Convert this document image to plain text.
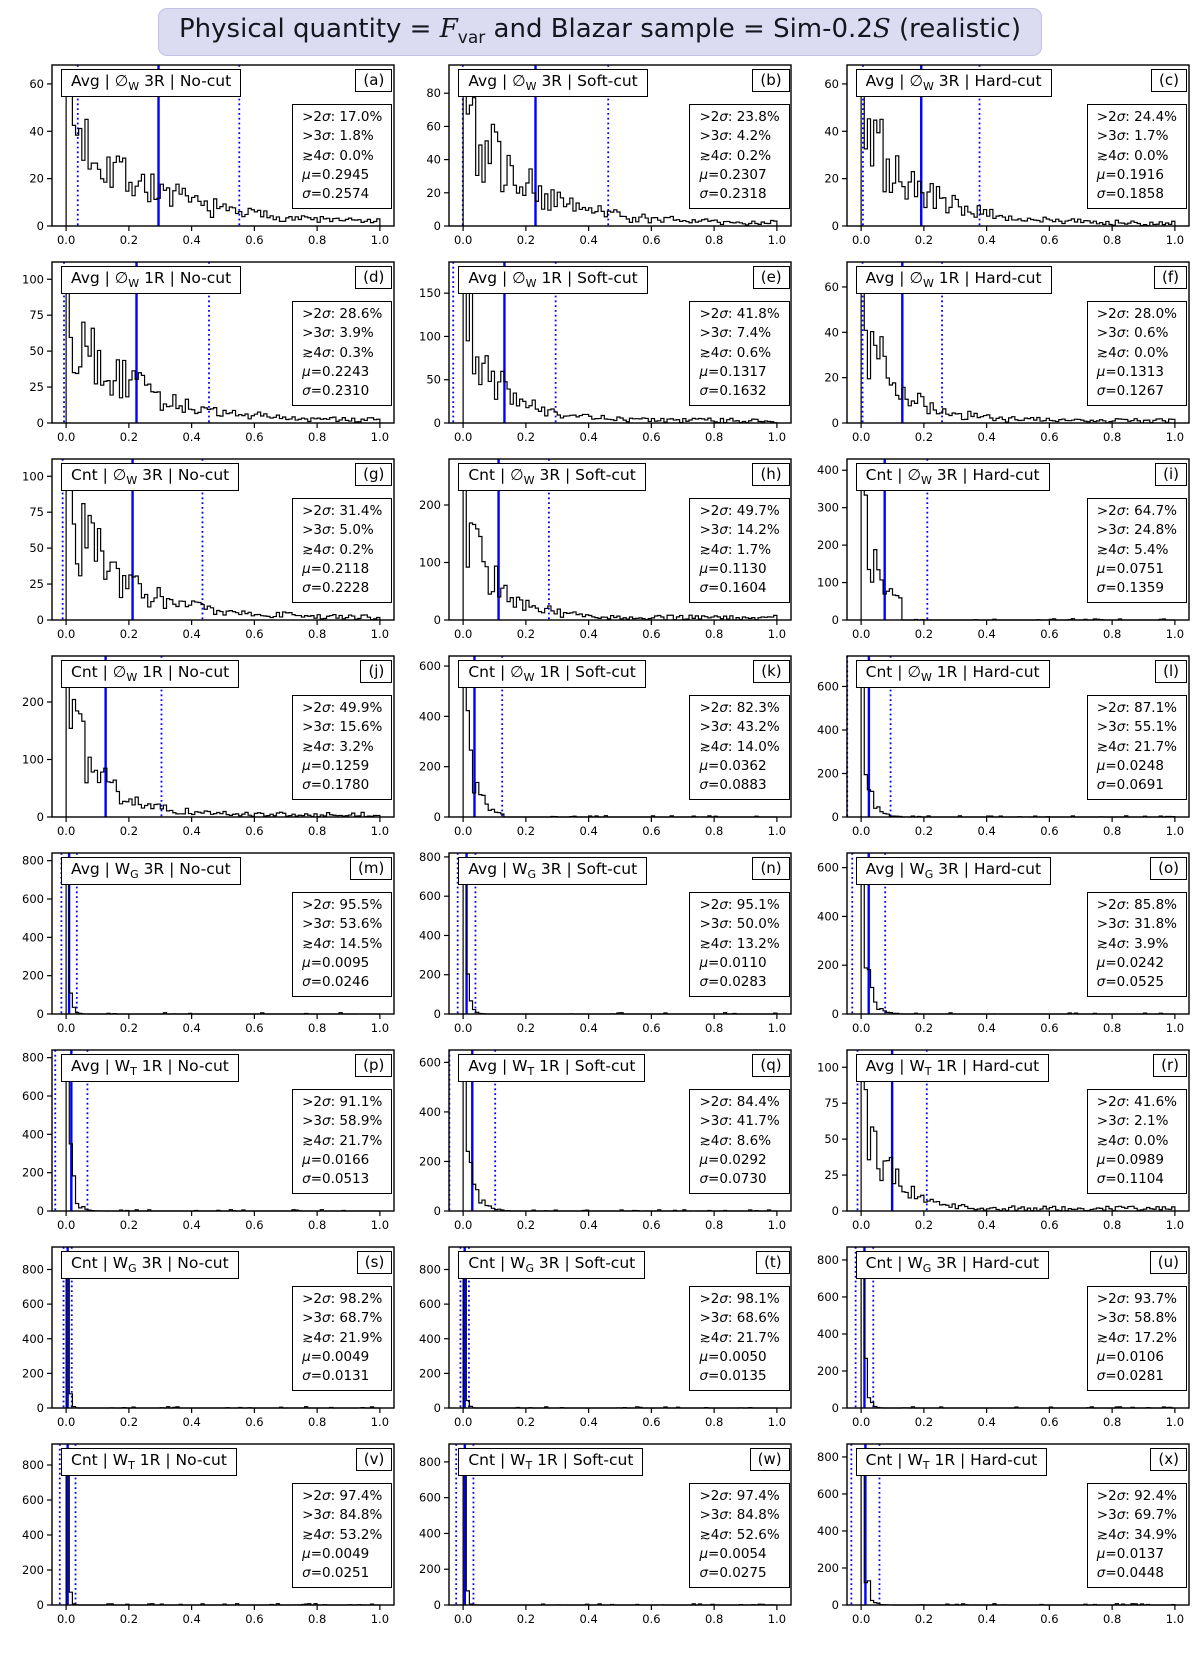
Physical quantity = $F_{var}$ and Blazar sample = Sim-0.2S (realistic)
0.0	0.2	0.4	0.6	0.8	1.0
0
20
40
60	Avg | $\emptyset_W$ 3R | No-cut	(a)
>2σ: 17.0%
>3σ: 1.8%
≳4σ: 0.0%
μ=0.2945
σ=0.2574
0.0	0.2	0.4	0.6	0.8	1.0
0
20
40
60
80
Avg | $\emptyset_W$ 3R | Soft-cut	(b)
>2σ: 23.8%
>3σ: 4.2%
≳4σ: 0.2%
μ=0.2307
σ=0.2318
0.0	0.2	0.4	0.6	0.8	1.0
0
20
40
60	Avg | $\emptyset_W$ 3R | Hard-cut	(c)
>2σ: 24.4%
>3σ: 1.7%
≳4σ: 0.0%
μ=0.1916
σ=0.1858
0.0	0.2	0.4	0.6	0.8	1.0
0
25
50
75
100	Avg | $\emptyset_W$ 1R | No-cut	(d)
>2σ: 28.6%
>3σ: 3.9%
≳4σ: 0.3%
μ=0.2243
σ=0.2310
0.0	0.2	0.4	0.6	0.8	1.0
0
50
100
150
Avg | $\emptyset_W$ 1R | Soft-cut	(e)
>2σ: 41.8%
>3σ: 7.4%
≳4σ: 0.6%
μ=0.1317
σ=0.1632
0.0	0.2	0.4	0.6	0.8	1.0
0
20
40
60	Avg | $\emptyset_W$ 1R | Hard-cut	(f)
>2σ: 28.0%
>3σ: 0.6%
≳4σ: 0.0%
μ=0.1313
σ=0.1267
0.0	0.2	0.4	0.6	0.8	1.0
0
25
50
75
100	Cnt | $\emptyset_W$ 3R | No-cut	(g)
>2σ: 31.4%
>3σ: 5.0%
≳4σ: 0.2%
μ=0.2118
σ=0.2228
0.0	0.2	0.4	0.6	0.8	1.0
0
100
200
Cnt | $\emptyset_W$ 3R | Soft-cut	(h)
>2σ: 49.7%
>3σ: 14.2%
≳4σ: 1.7%
μ=0.1130
σ=0.1604
0.0	0.2	0.4	0.6	0.8	1.0
0
100
200
300
400	Cnt | $\emptyset_W$ 3R | Hard-cut	(i)
>2σ: 64.7%
>3σ: 24.8%
≳4σ: 5.4%
μ=0.0751
σ=0.1359
0.0	0.2	0.4	0.6	0.8	1.0
0
100
200
Cnt | $\emptyset_W$ 1R | No-cut	(j)
>2σ: 49.9%
>3σ: 15.6%
≳4σ: 3.2%
μ=0.1259
σ=0.1780
0.0	0.2	0.4	0.6	0.8	1.0
0
200
400
600	Cnt | $\emptyset_W$ 1R | Soft-cut	(k)
>2σ: 82.3%
>3σ: 43.2%
≳4σ: 14.0%
μ=0.0362
σ=0.0883
0.0	0.2	0.4	0.6	0.8	1.0
0
200
400
600
Cnt | $\emptyset_W$ 1R | Hard-cut	(l)
>2σ: 87.1%
>3σ: 55.1%
≳4σ: 21.7%
μ=0.0248
σ=0.0691
0.0	0.2	0.4	0.6	0.8	1.0
0
200
400
600
800	Avg | $W_G$ 3R | No-cut	(m)
>2σ: 95.5%
>3σ: 53.6%
≳4σ: 14.5%
μ=0.0095
σ=0.0246
0.0	0.2	0.4	0.6	0.8	1.0
0
200
400
600
800
Avg | $W_G$ 3R | Soft-cut	(n)
>2σ: 95.1%
>3σ: 50.0%
≳4σ: 13.2%
μ=0.0110
σ=0.0283
0.0	0.2	0.4	0.6	0.8	1.0
0
200
400
600	Avg | $W_G$ 3R | Hard-cut	(o)
>2σ: 85.8%
>3σ: 31.8%
≳4σ: 3.9%
μ=0.0242
σ=0.0525
0.0	0.2	0.4	0.6	0.8	1.0
0
200
400
600
800	Avg | $W_T$ 1R | No-cut	(p)
>2σ: 91.1%
>3σ: 58.9%
≳4σ: 21.7%
μ=0.0166
σ=0.0513
0.0	0.2	0.4	0.6	0.8	1.0
0
200
400
600	Avg | $W_T$ 1R | Soft-cut	(q)
>2σ: 84.4%
>3σ: 41.7%
≳4σ: 8.6%
μ=0.0292
σ=0.0730
0.0	0.2	0.4	0.6	0.8	1.0
0
25
50
75
100	Avg | $W_T$ 1R | Hard-cut	(r)
>2σ: 41.6%
>3σ: 2.1%
≳4σ: 0.0%
μ=0.0989
σ=0.1104
0.0	0.2	0.4	0.6	0.8	1.0
0
200
400
600
800	Cnt | $W_G$ 3R | No-cut	(s)
>2σ: 98.2%
>3σ: 68.7%
≳4σ: 21.9%
μ=0.0049
σ=0.0131
0.0	0.2	0.4	0.6	0.8	1.0
0
200
400
600
800	Cnt | $W_G$ 3R | Soft-cut	(t)
>2σ: 98.1%
>3σ: 68.6%
≳4σ: 21.7%
μ=0.0050
σ=0.0135
0.0	0.2	0.4	0.6	0.8	1.0
0
200
400
600
800	Cnt | $W_G$ 3R | Hard-cut	(u)
>2σ: 93.7%
>3σ: 58.8%
≳4σ: 17.2%
μ=0.0106
σ=0.0281
0.0	0.2	0.4	0.6	0.8	1.0
0
200
400
600
800	Cnt | $W_T$ 1R | No-cut	(v)
>2σ: 97.4%
>3σ: 84.8%
≳4σ: 53.2%
μ=0.0049
σ=0.0251
0.0	0.2	0.4	0.6	0.8	1.0
0
200
400
600
800	Cnt | $W_T$ 1R | Soft-cut	(w)
>2σ: 97.4%
>3σ: 84.8%
≳4σ: 52.6%
μ=0.0054
σ=0.0275
0.0	0.2	0.4	0.6	0.8	1.0
0
200
400
600
800	Cnt | $W_T$ 1R | Hard-cut	(x)
>2σ: 92.4%
>3σ: 69.7%
≳4σ: 34.9%
μ=0.0137
σ=0.0448
